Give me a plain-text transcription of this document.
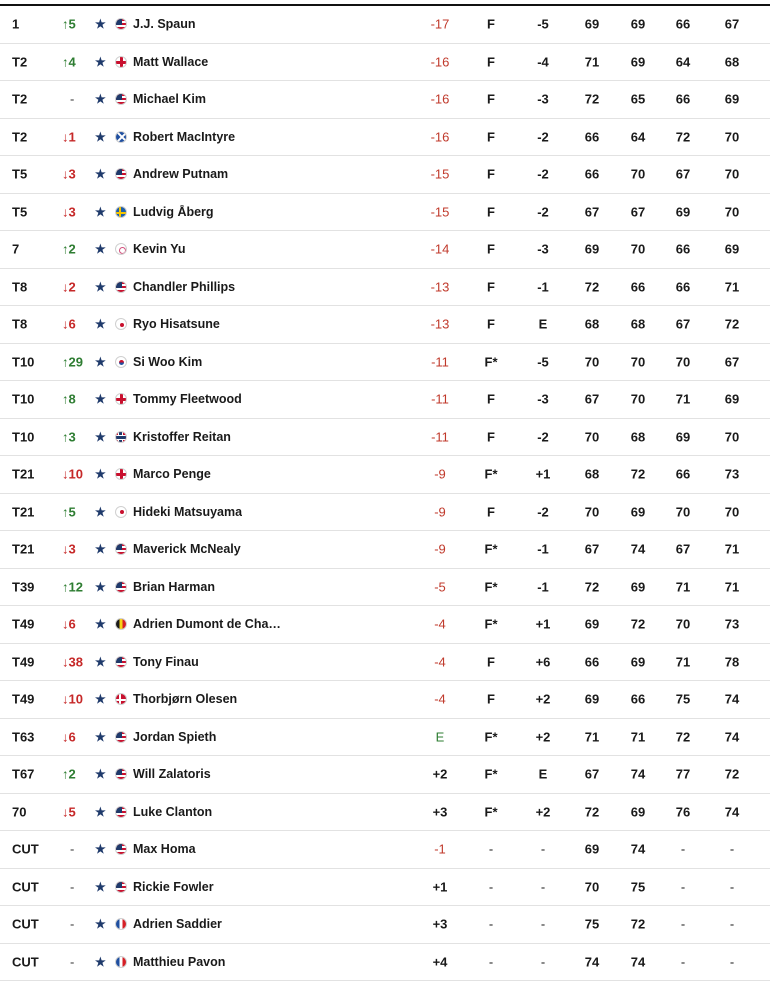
1	↑5	★ J.J. Spaun	-17	F	-5	69	69	66	67
T2	↑4	★ Matt Wallace	-16	F	-4	71	69	64	68
T2	-	★ Michael Kim	-16	F	-3	72	65	66	69
T2	↓1	★ Robert MacIntyre	-16	F	-2	66	64	72	70
T5	↓3	★ Andrew Putnam	-15	F	-2	66	70	67	70
T5	↓3	★ Ludvig Åberg	-15	F	-2	67	67	69	70
7	↑2	★ Kevin Yu	-14	F	-3	69	70	66	69
T8	↓2	★ Chandler Phillips	-13	F	-1	72	66	66	71
T8	↓6	★ Ryo Hisatsune	-13	F	E	68	68	67	72
T10 ↑29	★ Si Woo Kim	-11	F*	-5	70	70	70	67
T10 ↑8	★ Tommy Fleetwood	-11	F	-3	67	70	71	69
T10 ↑3	★ Kristoffer Reitan	-11	F	-2	70	68	69	70
T21 ↓10	★ Marco Penge	-9	F*	+1	68	72	66	73
T21 ↑5	★ Hideki Matsuyama	-9	F	-2	70	69	70	70
T21 ↓3	★ Maverick McNealy	-9	F*	-1	67	74	67	71
T39 ↑12	★ Brian Harman	-5	F*	-1	72	69	71	71
T49 ↓6	★ Adrien Dumont de Cha…	-4	F*	+1	69	72	70	73
T49 ↓38	★ Tony Finau	-4	F	+6	66	69	71	78
T49 ↓10	★ Thorbjørn Olesen	-4	F	+2	69	66	75	74
T63 ↓6	★ Jordan Spieth	E	F*	+2	71	71	72	74
T67 ↑2	★ Will Zalatoris	+2	F*	E	67	74	77	72
70	↓5	★ Luke Clanton	+3	F*	+2	72	69	76	74
CUT	-	★ Max Homa	-1	-	-	69	74	-	-
CUT	-	★ Rickie Fowler	+1	-	-	70	75	-	-
CUT	-	★ Adrien Saddier	+3	-	-	75	72	-	-
CUT	-	★ Matthieu Pavon	+4	-	-	74	74	-	-
